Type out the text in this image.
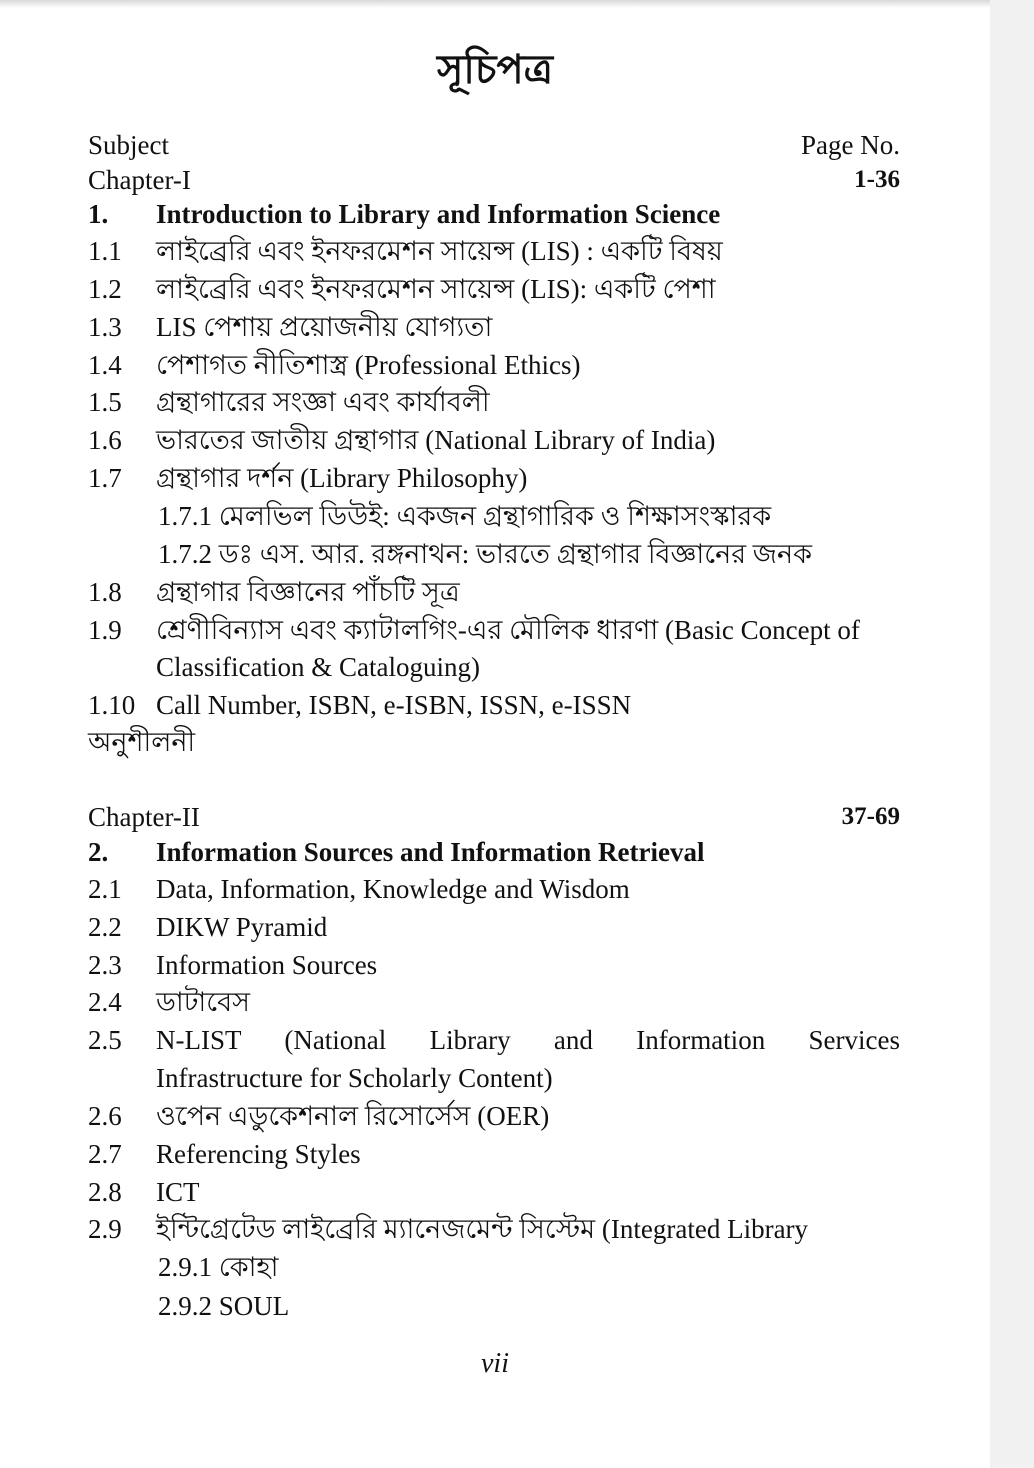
সূচিপত্র
Subject	Page No.
Chapter-I	1-36
1. Introduction to Library and Information Science
1.1 লাইব্রেরি এবং ইনফরমেশন সায়েন্স (LIS) : একটি বিষয়
1.2 লাইব্রেরি এবং ইনফরমেশন সায়েন্স (LIS): একটি পেশা
1.3 LIS পেশায় প্রয়োজনীয় যোগ্যতা
1.4 পেশাগত নীতিশাস্ত্র (Professional Ethics)
1.5 গ্রন্থাগারের সংজ্ঞা এবং কার্যাবলী
1.6 ভারতের জাতীয় গ্রন্থাগার (National Library of India)
1.7 গ্রন্থাগার দর্শন (Library Philosophy)
1.7.1 মেলভিল ডিউই: একজন গ্রন্থাগারিক ও শিক্ষাসংস্কারক
1.7.2 ডঃ এস. আর. রঙ্গনাথন: ভারতে গ্রন্থাগার বিজ্ঞানের জনক
1.8 গ্রন্থাগার বিজ্ঞানের পাঁচটি সূত্র
1.9 শ্রেণীবিন্যাস এবং ক্যাটালগিং-এর মৌলিক ধারণা (Basic Concept of
Classification & Cataloguing)
1.10 Call Number, ISBN, e-ISBN, ISSN, e-ISSN
অনুশীলনী
Chapter-II	37-69
2. Information Sources and Information Retrieval
2.1 Data, Information, Knowledge and Wisdom
2.2 DIKW Pyramid
2.3 Information Sources
2.4 ডাটাবেস
2.5 N-LIST (National Library and Information Services
Infrastructure for Scholarly Content)
2.6 ওপেন এডুকেশনাল রিসোর্সেস (OER)
2.7 Referencing Styles
2.8 ICT
2.9 ইন্টিগ্রেটেড লাইব্রেরি ম্যানেজমেন্ট সিস্টেম (Integrated Library
2.9.1 কোহা
2.9.2 SOUL
vii
